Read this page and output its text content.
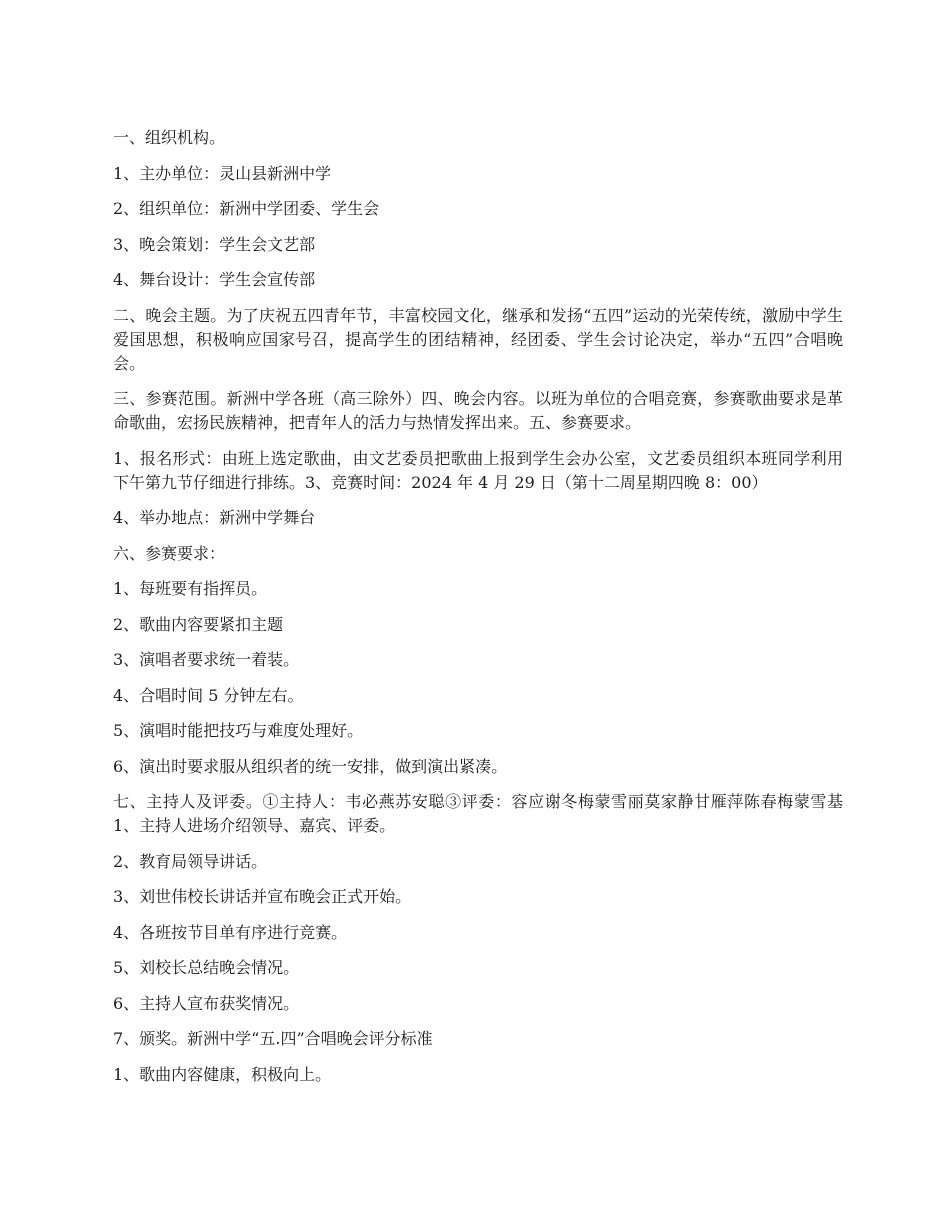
一、组织机构。

1、主办单位：灵山县新洲中学

2、组织单位：新洲中学团委、学生会

3、晚会策划：学生会文艺部

4、舞台设计：学生会宣传部

二、晚会主题。为了庆祝五四青年节，丰富校园文化，继承和发扬“五四”运动的光荣传统，激励中学生爱国思想，积极响应国家号召，提高学生的团结精神，经团委、学生会讨论决定，举办“五四”合唱晚会。

三、参赛范围。新洲中学各班（高三除外）四、晚会内容。以班为单位的合唱竞赛，参赛歌曲要求是革命歌曲，宏扬民族精神，把青年人的活力与热情发挥出来。五、参赛要求。

1、报名形式：由班上选定歌曲，由文艺委员把歌曲上报到学生会办公室，文艺委员组织本班同学利用下午第九节仔细进行排练。3、竞赛时间：2024 年 4 月 29 日（第十二周星期四晚 8：00）

4、举办地点：新洲中学舞台

六、参赛要求：

1、每班要有指挥员。

2、歌曲内容要紧扣主题

3、演唱者要求统一着装。

4、合唱时间 5 分钟左右。

5、演唱时能把技巧与难度处理好。

6、演出时要求服从组织者的统一安排，做到演出紧凑。

七、主持人及评委。①主持人：韦必燕苏安聪③评委：容应谢冬梅蒙雪丽莫家静甘雁萍陈春梅蒙雪基 1、主持人进场介绍领导、嘉宾、评委。

2、教育局领导讲话。

3、刘世伟校长讲话并宣布晚会正式开始。

4、各班按节目单有序进行竞赛。

5、刘校长总结晚会情况。

6、主持人宣布获奖情况。

7、颁奖。新洲中学“五.四”合唱晚会评分标准

1、歌曲内容健康，积极向上。
